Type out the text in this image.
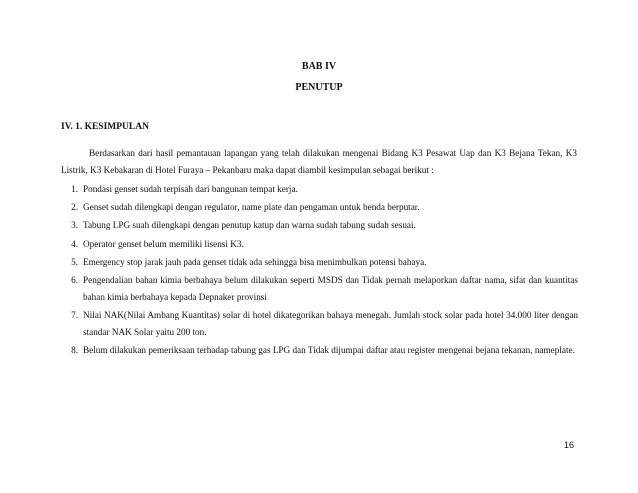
BAB IV
PENUTUP
IV. 1. KESIMPULAN
Berdasarkan dari hasil pemantauan lapangan yang telah dilakukan mengenai Bidang K3 Pesawat Uap dan K3 Bejana Tekan, K3 Listrik, K3 Kebakaran di Hotel Furaya – Pekanbaru maka dapat diambil kesimpulan sebagai berikut :
1. Pondasi genset sudah terpisah dari bangunan tempat kerja.
2. Genset sudah dilengkapi dengan regulator, name plate dan pengaman untuk benda berputar.
3. Tabung LPG suah dilengkapi dengan penutup katup dan warna sudah tabung sudah sesuai.
4. Operator genset belum memiliki lisensi K3.
5. Emergency stop jarak jauh pada genset tidak ada sehingga bisa menimbulkan potensi bahaya.
6. Pengendalian bahan kimia berbahaya belum dilakukan seperti MSDS dan Tidak pernah melaporkan daftar nama, sifat dan kuantitas bahan kimia berbahaya kepada Depnaker provinsi
7. Nilai NAK(Nilai Ambang Kuantitas) solar di hotel dikategorikan bahaya menegah. Jumlah stock solar pada hotel 34.000 liter dengan standar NAK Solar yaitu 200 ton.
8. Belum dilakukan pemeriksaan terhadap tabung gas LPG dan Tidak dijumpai daftar atau register mengenai bejana tekanan, nameplate.
16
